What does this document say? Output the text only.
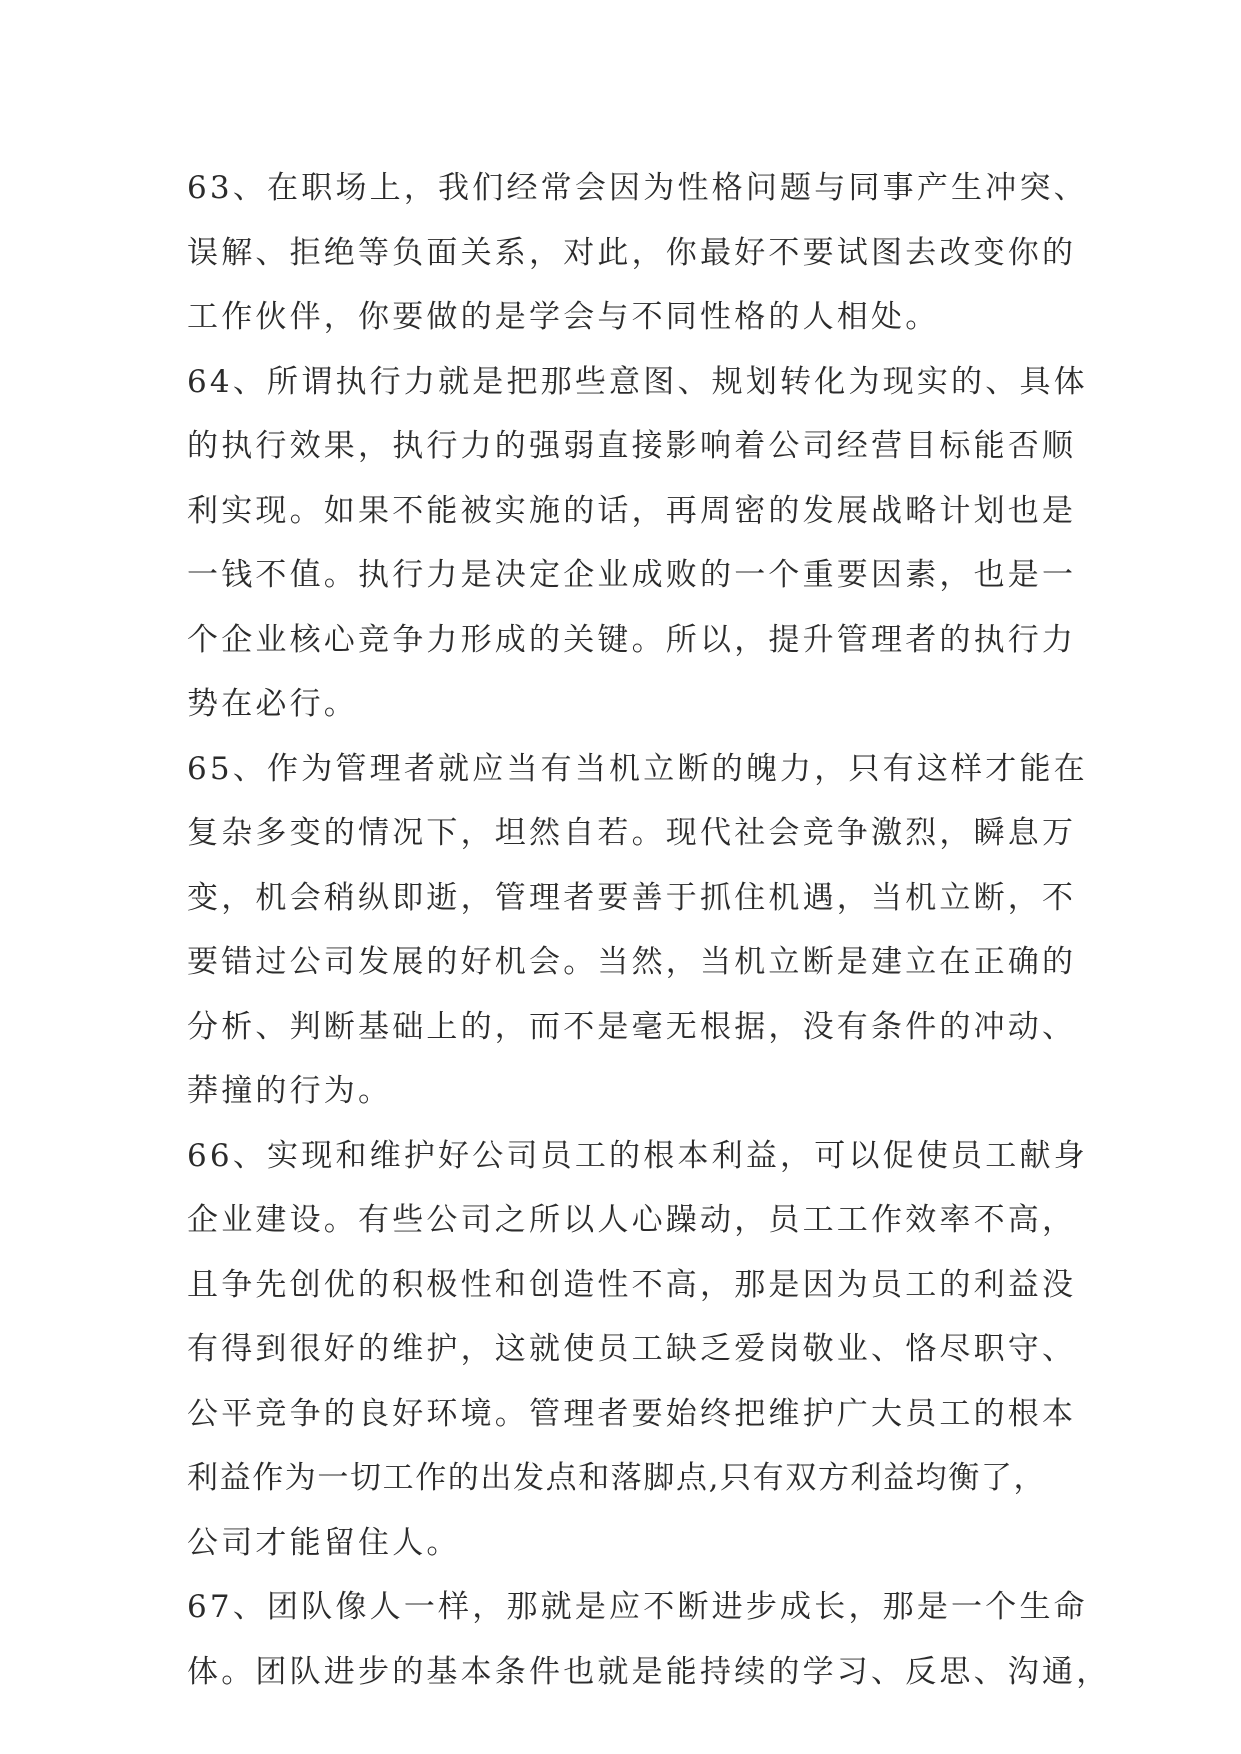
63、在职场上，我们经常会因为性格问题与同事产生冲突、
误解、拒绝等负面关系，对此，你最好不要试图去改变你的
工作伙伴，你要做的是学会与不同性格的人相处。
64、所谓执行力就是把那些意图、规划转化为现实的、具体
的执行效果，执行力的强弱直接影响着公司经营目标能否顺
利实现。如果不能被实施的话，再周密的发展战略计划也是
一钱不值。执行力是决定企业成败的一个重要因素，也是一
个企业核心竞争力形成的关键。所以，提升管理者的执行力
势在必行。
65、作为管理者就应当有当机立断的魄力，只有这样才能在
复杂多变的情况下，坦然自若。现代社会竞争激烈，瞬息万
变，机会稍纵即逝，管理者要善于抓住机遇，当机立断，不
要错过公司发展的好机会。当然，当机立断是建立在正确的
分析、判断基础上的，而不是毫无根据，没有条件的冲动、
莽撞的行为。
66、实现和维护好公司员工的根本利益，可以促使员工献身
企业建设。有些公司之所以人心躁动，员工工作效率不高，
且争先创优的积极性和创造性不高，那是因为员工的利益没
有得到很好的维护，这就使员工缺乏爱岗敬业、恪尽职守、
公平竞争的良好环境。管理者要始终把维护广大员工的根本
利益作为一切工作的出发点和落脚点,只有双方利益均衡了，
公司才能留住人。
67、团队像人一样，那就是应不断进步成长，那是一个生命
体。团队进步的基本条件也就是能持续的学习、反思、沟通，
